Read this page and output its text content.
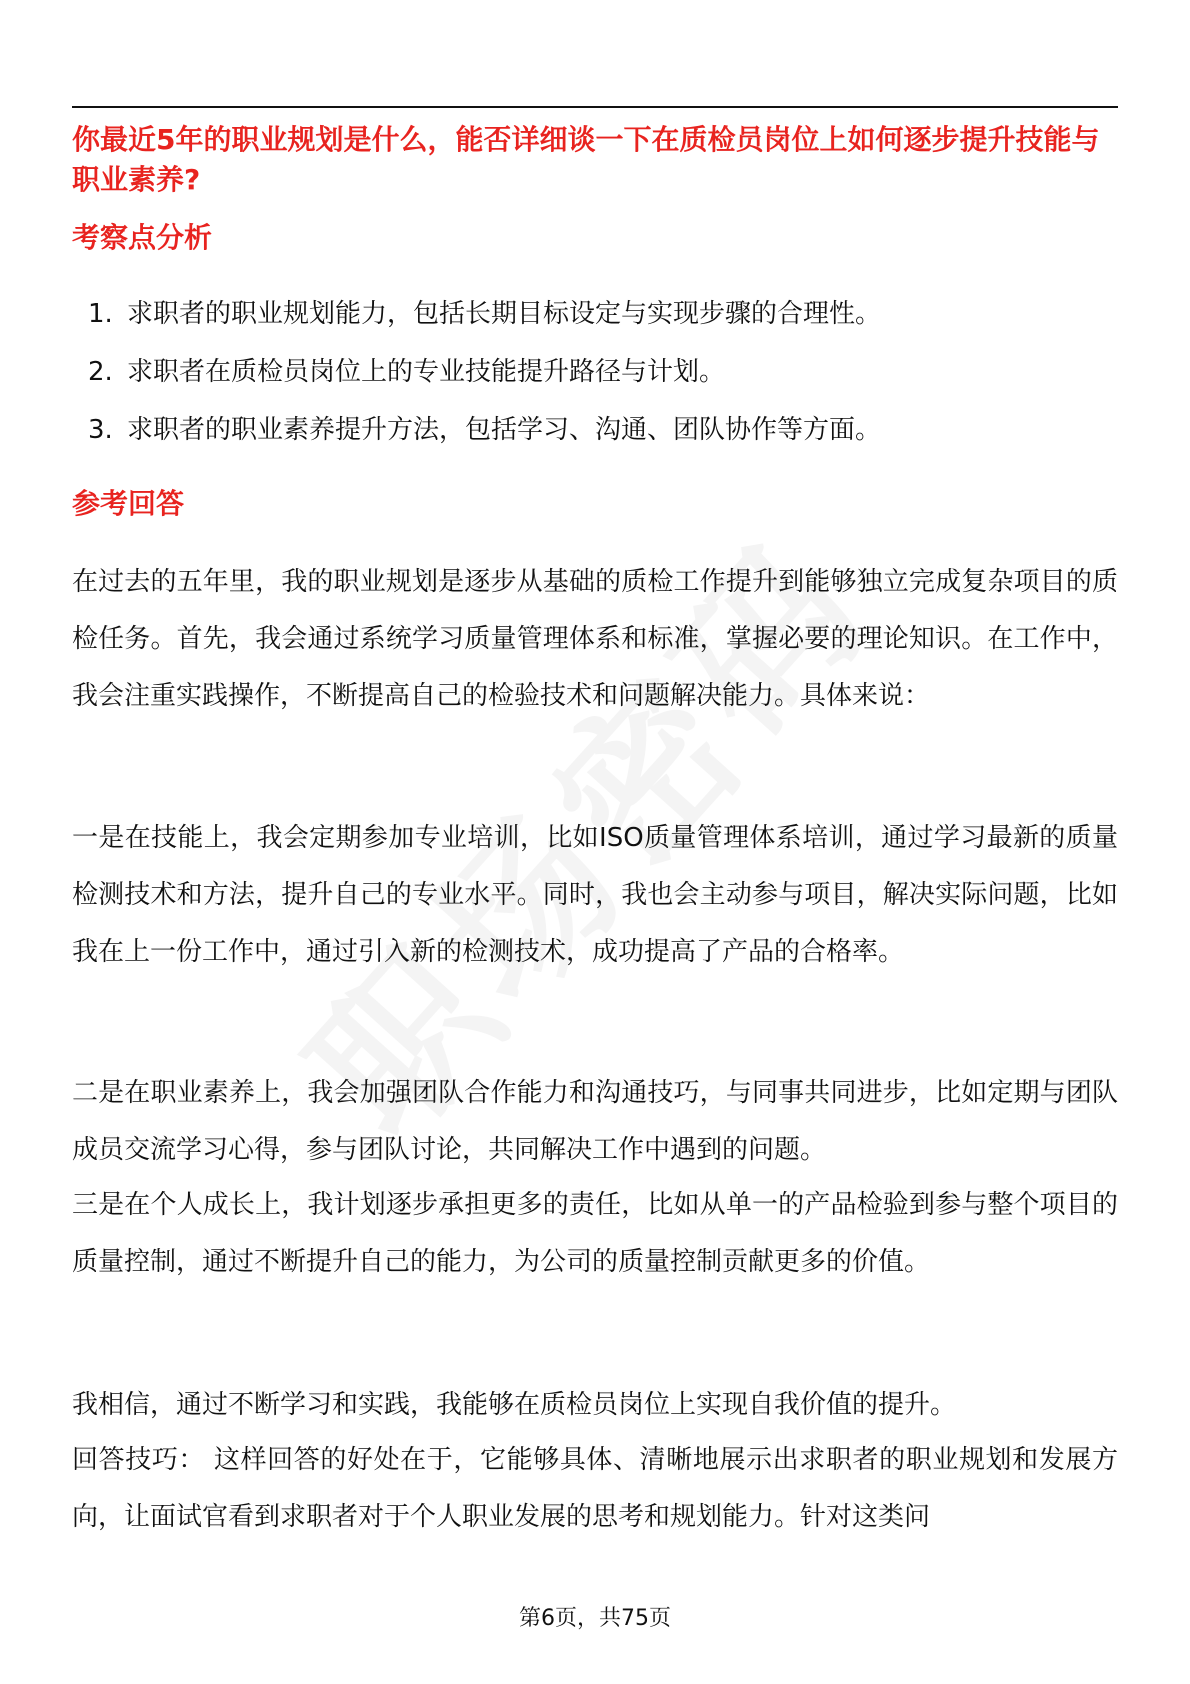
你最近5年的职业规划是什么，能否详细谈一下在质检员岗位上如何逐步提升技能与职业素养?
考察点分析
1. 求职者的职业规划能力，包括长期目标设定与实现步骤的合理性。
2. 求职者在质检员岗位上的专业技能提升路径与计划。
3. 求职者的职业素养提升方法，包括学习、沟通、团队协作等方面。
参考回答

在过去的五年里，我的职业规划是逐步从基础的质检工作提升到能够独立完成复杂项目的质检任务。首先，我会通过系统学习质量管理体系和标准，掌握必要的理论知识。在工作中，我会注重实践操作，不断提高自己的检验技术和问题解决能力。具体来说：

一是在技能上，我会定期参加专业培训，比如ISO质量管理体系培训，通过学习最新的质量检测技术和方法，提升自己的专业水平。同时，我也会主动参与项目，解决实际问题，比如我在上一份工作中，通过引入新的检测技术，成功提高了产品的合格率。

二是在职业素养上，我会加强团队合作能力和沟通技巧，与同事共同进步，比如定期与团队成员交流学习心得，参与团队讨论，共同解决工作中遇到的问题。

三是在个人成长上，我计划逐步承担更多的责任，比如从单一的产品检验到参与整个项目的质量控制，通过不断提升自己的能力，为公司的质量控制贡献更多的价值。

我相信，通过不断学习和实践，我能够在质检员岗位上实现自我价值的提升。

回答技巧： 这样回答的好处在于，它能够具体、清晰地展示出求职者的职业规划和发展方向，让面试官看到求职者对于个人职业发展的思考和规划能力。针对这类问

第6页，共75页
